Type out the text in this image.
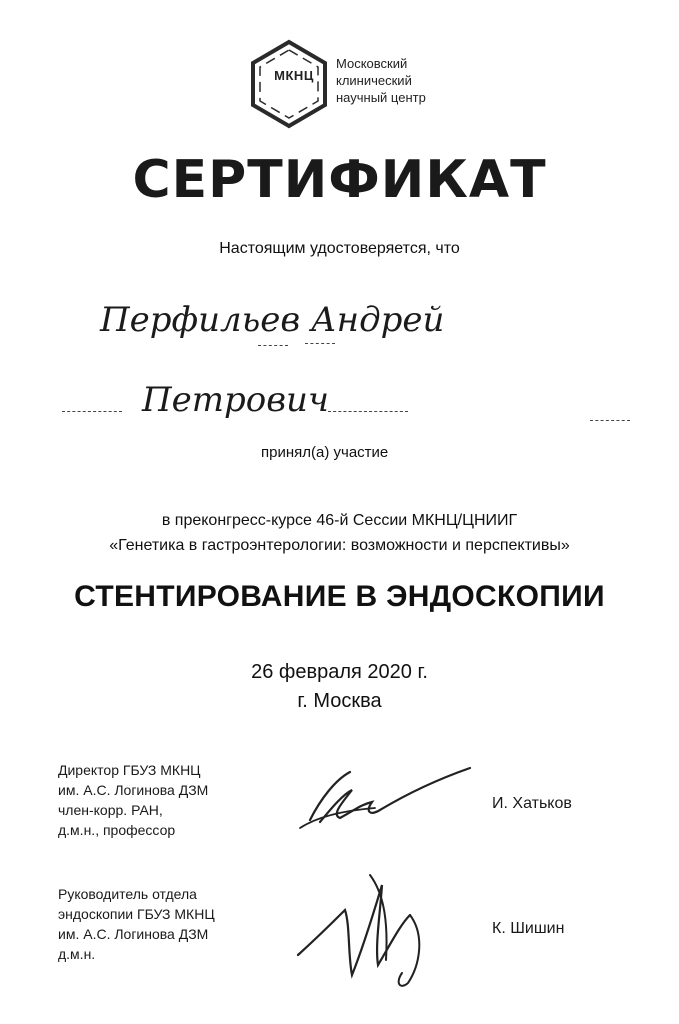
МКНЦ
Московский
клинический
научный центр
СЕРТИФИКАТ
Настоящим удостоверяется, что
Перфильев Андрей
Петрович
принял(а) участие
в преконгресс-курсе 46-й Сессии МКНЦ/ЦНИИГ
«Генетика в гастроэнтерологии: возможности и перспективы»
СТЕНТИРОВАНИЕ В ЭНДОСКОПИИ
26 февраля 2020 г.
г. Москва
Директор ГБУЗ МКНЦ
им. А.С. Логинова ДЗМ
член-корр. РАН,
д.м.н., профессор
И. Хатьков
Руководитель отдела
эндоскопии ГБУЗ МКНЦ
им. А.С. Логинова ДЗМ
д.м.н.
К. Шишин
